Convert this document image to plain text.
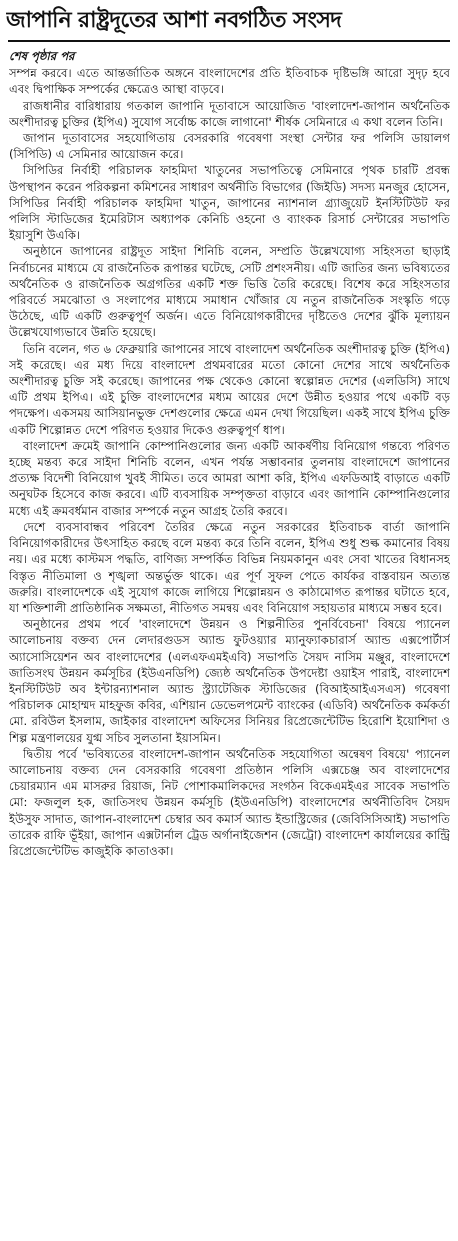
জাপানি রাষ্ট্রদূতের আশা নবগঠিত সংসদ
শেষ পৃষ্ঠার পর

সম্পন্ন করবে। এতে আন্তর্জাতিক অঙ্গনে বাংলাদেশের প্রতি ইতিবাচক দৃষ্টিভঙ্গি আরো সুদৃঢ় হবে এবং দ্বিপাক্ষিক সম্পর্কের ক্ষেত্রেও আস্থা বাড়বে।

রাজধানীর বারিধারায় গতকাল জাপানি দূতাবাসে আয়োজিত 'বাংলাদেশ-জাপান অর্থনৈতিক অংশীদারত্ব চুক্তির (ইপিএ) সুযোগ সর্বোচ্চ কাজে লাগানো' শীর্ষক সেমিনারে এ কথা বলেন তিনি।

জাপান দূতাবাসের সহযোগিতায় বেসরকারি গবেষণা সংস্থা সেন্টার ফর পলিসি ডায়ালগ (সিপিডি) এ সেমিনার আয়োজন করে।

সিপিডির নির্বাহী পরিচালক ফাহমিদা খাতুনের সভাপতিত্বে সেমিনারে পৃথক চারটি প্রবন্ধ উপস্থাপন করেন পরিকল্পনা কমিশনের সাধারণ অর্থনীতি বিভাগের (জিইডি) সদস্য মনজুর হোসেন, সিপিডির নির্বাহী পরিচালক ফাহমিদা খাতুন, জাপানের ন্যাশনাল গ্র্যাজুয়েট ইনস্টিটিউট ফর পলিসি স্টাডিজের ইমেরিটাস অধ্যাপক কেনিচি ওহনো ও ব্যাংকক রিসার্চ সেন্টারের সভাপতি ইয়াসুশি উএকি।

অনুষ্ঠানে জাপানের রাষ্ট্রদূত সাইদা শিনিচি বলেন, সম্প্রতি উল্লেখযোগ্য সহিংসতা ছাড়াই নির্বাচনের মাধ্যমে যে রাজনৈতিক রূপান্তর ঘটেছে, সেটি প্রশংসনীয়। এটি জাতির জন্য ভবিষ্যতের অর্থনৈতিক ও রাজনৈতিক অগ্রগতির একটি শক্ত ভিত্তি তৈরি করেছে। বিশেষ করে সহিংসতার পরিবর্তে সমঝোতা ও সংলাপের মাধ্যমে সমাধান খোঁজার যে নতুন রাজনৈতিক সংস্কৃতি গড়ে উঠেছে, এটি একটি গুরুত্বপূর্ণ অর্জন। এতে বিনিয়োগকারীদের দৃষ্টিতেও দেশের ঝুঁকি মূল্যায়ন উল্লেখযোগ্যভাবে উন্নতি হয়েছে।

তিনি বলেন, গত ৬ ফেব্রুয়ারি জাপানের সাথে বাংলাদেশ অর্থনৈতিক অংশীদারত্ব চুক্তি (ইপিএ) সই করেছে। এর মধ্য দিয়ে বাংলাদেশ প্রথমবারের মতো কোনো দেশের সাথে অর্থনৈতিক অংশীদারত্ব চুক্তি সই করেছে। জাপানের পক্ষ থেকেও কোনো স্বল্পোন্নত দেশের (এলডিসি) সাথে এটি প্রথম ইপিএ। এই চুক্তি বাংলাদেশের মধ্যম আয়ের দেশে উন্নীত হওয়ার পথে একটি বড় পদক্ষেপ। একসময় আসিয়ানভুক্ত দেশগুলোর ক্ষেত্রে এমন দেখা গিয়েছিল। একই সাথে ইপিএ চুক্তি একটি শিল্পোন্নত দেশে পরিণত হওয়ার দিকেও গুরুত্বপূর্ণ ধাপ।

বাংলাদেশ ক্রমেই জাপানি কোম্পানিগুলোর জন্য একটি আকর্ষণীয় বিনিয়োগ গন্তব্যে পরিণত হচ্ছে মন্তব্য করে সাইদা শিনিচি বলেন, এখন পর্যন্ত সম্ভাবনার তুলনায় বাংলাদেশে জাপানের প্রত্যক্ষ বিদেশী বিনিয়োগ খুবই সীমিত। তবে আমরা আশা করি, ইপিএ এফডিআই বাড়াতে একটি অনুঘটক হিসেবে কাজ করবে। এটি ব্যবসায়িক সম্পৃক্ততা বাড়াবে এবং জাপানি কোম্পানিগুলোর মধ্যে এই ক্রমবর্ধমান বাজার সম্পর্কে নতুন আগ্রহ তৈরি করবে।

দেশে ব্যবসাবান্ধব পরিবেশ তৈরির ক্ষেত্রে নতুন সরকারের ইতিবাচক বার্তা জাপানি বিনিয়োগকারীদের উৎসাহিত করছে বলে মন্তব্য করে তিনি বলেন, ইপিএ শুধু শুল্ক কমানোর বিষয় নয়। এর মধ্যে কাস্টমস পদ্ধতি, বাণিজ্য সম্পর্কিত বিভিন্ন নিয়মকানুন এবং সেবা খাতের বিধানসহ বিস্তৃত নীতিমালা ও শৃঙ্খলা অন্তর্ভুক্ত থাকে। এর পূর্ণ সুফল পেতে কার্যকর বাস্তবায়ন অত্যন্ত জরুরি। বাংলাদেশকে এই সুযোগ কাজে লাগিয়ে শিল্পোন্নয়ন ও কাঠামোগত রূপান্তর ঘটাতে হবে, যা শক্তিশালী প্রাতিষ্ঠানিক সক্ষমতা, নীতিগত সমন্বয় এবং বিনিয়োগ সহায়তার মাধ্যমে সম্ভব হবে।

অনুষ্ঠানের প্রথম পর্বে 'বাংলাদেশে উন্নয়ন ও শিল্পনীতির পুনর্বিবেচনা' বিষয়ে প্যানেল আলোচনায় বক্তব্য দেন লেদারগুডস অ্যান্ড ফুটওয়্যার ম্যানুফ্যাকচারার্স অ্যান্ড এক্সপোর্টার্স অ্যাসোসিয়েশন অব বাংলাদেশের (এলএফএমইএবি) সভাপতি সৈয়দ নাসিম মঞ্জুর, বাংলাদেশে জাতিসংঘ উন্নয়ন কর্মসূচির (ইউএনডিপি) জ্যেষ্ঠ অর্থনৈতিক উপদেষ্টা ওয়াইস পারাই, বাংলাদেশ ইনস্টিটিউট অব ইন্টারন্যাশনাল অ্যান্ড স্ট্র্যাটেজিক স্টাডিজের (বিআইআইএসএস) গবেষণা পরিচালক মোহাম্মদ মাহফুজ কবির, এশিয়ান ডেভেলপমেন্ট ব্যাংকের (এডিবি) অর্থনৈতিক কর্মকর্তা মো. রবিউল ইসলাম, জাইকার বাংলাদেশ অফিসের সিনিয়র রিপ্রেজেন্টেটিভ হিরোশি ইয়োশিদা ও শিল্প মন্ত্রণালয়ের যুগ্ম সচিব সুলতানা ইয়াসমিন।

দ্বিতীয় পর্বে 'ভবিষ্যতের বাংলাদেশ-জাপান অর্থনৈতিক সহযোগিতা অন্বেষণ বিষয়ে' প্যানেল আলোচনায় বক্তব্য দেন বেসরকারি গবেষণা প্রতিষ্ঠান পলিসি এক্সচেঞ্জ অব বাংলাদেশের চেয়ারম্যান এম মাসরুর রিয়াজ, নিট পোশাকমালিকদের সংগঠন বিকেএমইএর সাবেক সভাপতি মো: ফজলুল হক, জাতিসংঘ উন্নয়ন কর্মসূচি (ইউএনডিপি) বাংলাদেশের অর্থনীতিবিদ সৈয়দ ইউসুফ সাদাত, জাপান-বাংলাদেশ চেম্বার অব কমার্স অ্যান্ড ইন্ডাস্ট্রিজের (জেবিসিসিআই) সভাপতি তারেক রাফি ভূঁইয়া, জাপান এক্সটার্নাল ট্রেড অর্গানাইজেশন (জেট্রো) বাংলাদেশ কার্যালয়ের কান্ট্রি রিপ্রেজেন্টেটিভ কাজুইকি কাতাওকা।
